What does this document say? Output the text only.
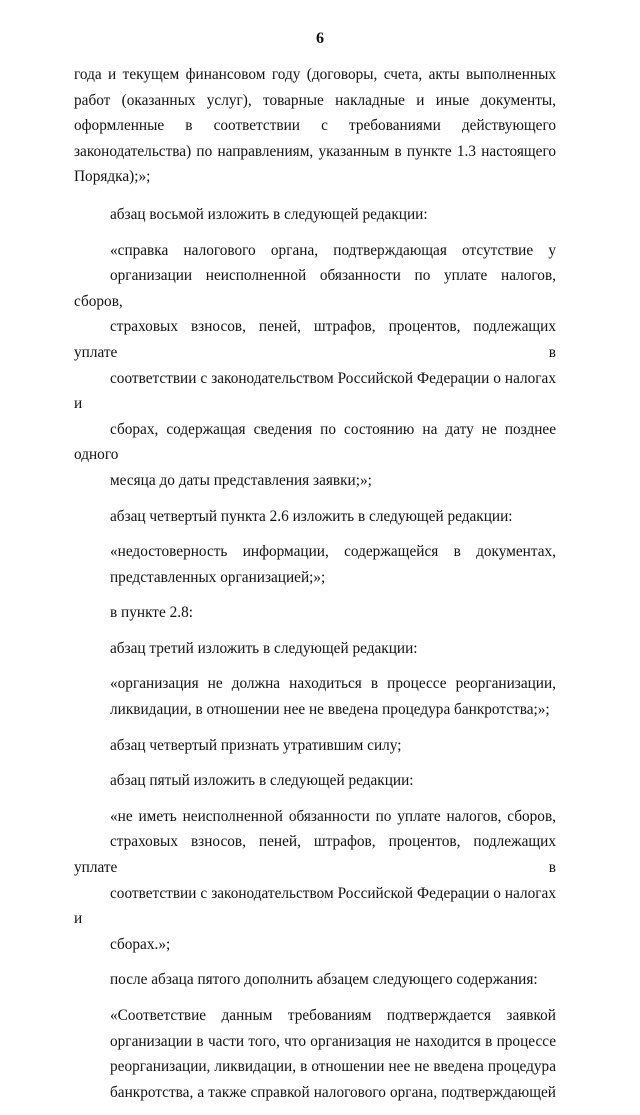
6

года и текущем финансовом году (договоры, счета, акты выполненных
работ (оказанных услуг), товарные накладные и иные документы,
оформленные в соответствии с требованиями действующего
законодательства) по направлениям, указанным в пункте 1.3 настоящего
Порядка);»;

абзац восьмой изложить в следующей редакции:

«справка налогового органа, подтверждающая отсутствие у
организации неисполненной обязанности по уплате налогов, сборов,
страховых взносов, пеней, штрафов, процентов, подлежащих уплате в
соответствии с законодательством Российской Федерации о налогах и
сборах, содержащая сведения по состоянию на дату не позднее одного
месяца до даты представления заявки;»;

абзац четвертый пункта 2.6 изложить в следующей редакции:

«недостоверность информации, содержащейся в документах,
представленных организацией;»;

в пункте 2.8:

абзац третий изложить в следующей редакции:

«организация не должна находиться в процессе реорганизации,
ликвидации, в отношении нее не введена процедура банкротства;»;

абзац четвертый признать утратившим силу;

абзац пятый изложить в следующей редакции:

«не иметь неисполненной обязанности по уплате налогов, сборов,
страховых взносов, пеней, штрафов, процентов, подлежащих уплате в
соответствии с законодательством Российской Федерации о налогах и
сборах.»;

после абзаца пятого дополнить абзацем следующего содержания:

«Соответствие данным требованиям подтверждается заявкой
организации в части того, что организация не находится в процессе
реорганизации, ликвидации, в отношении нее не введена процедура
банкротства, а также справкой налогового органа, подтверждающей
